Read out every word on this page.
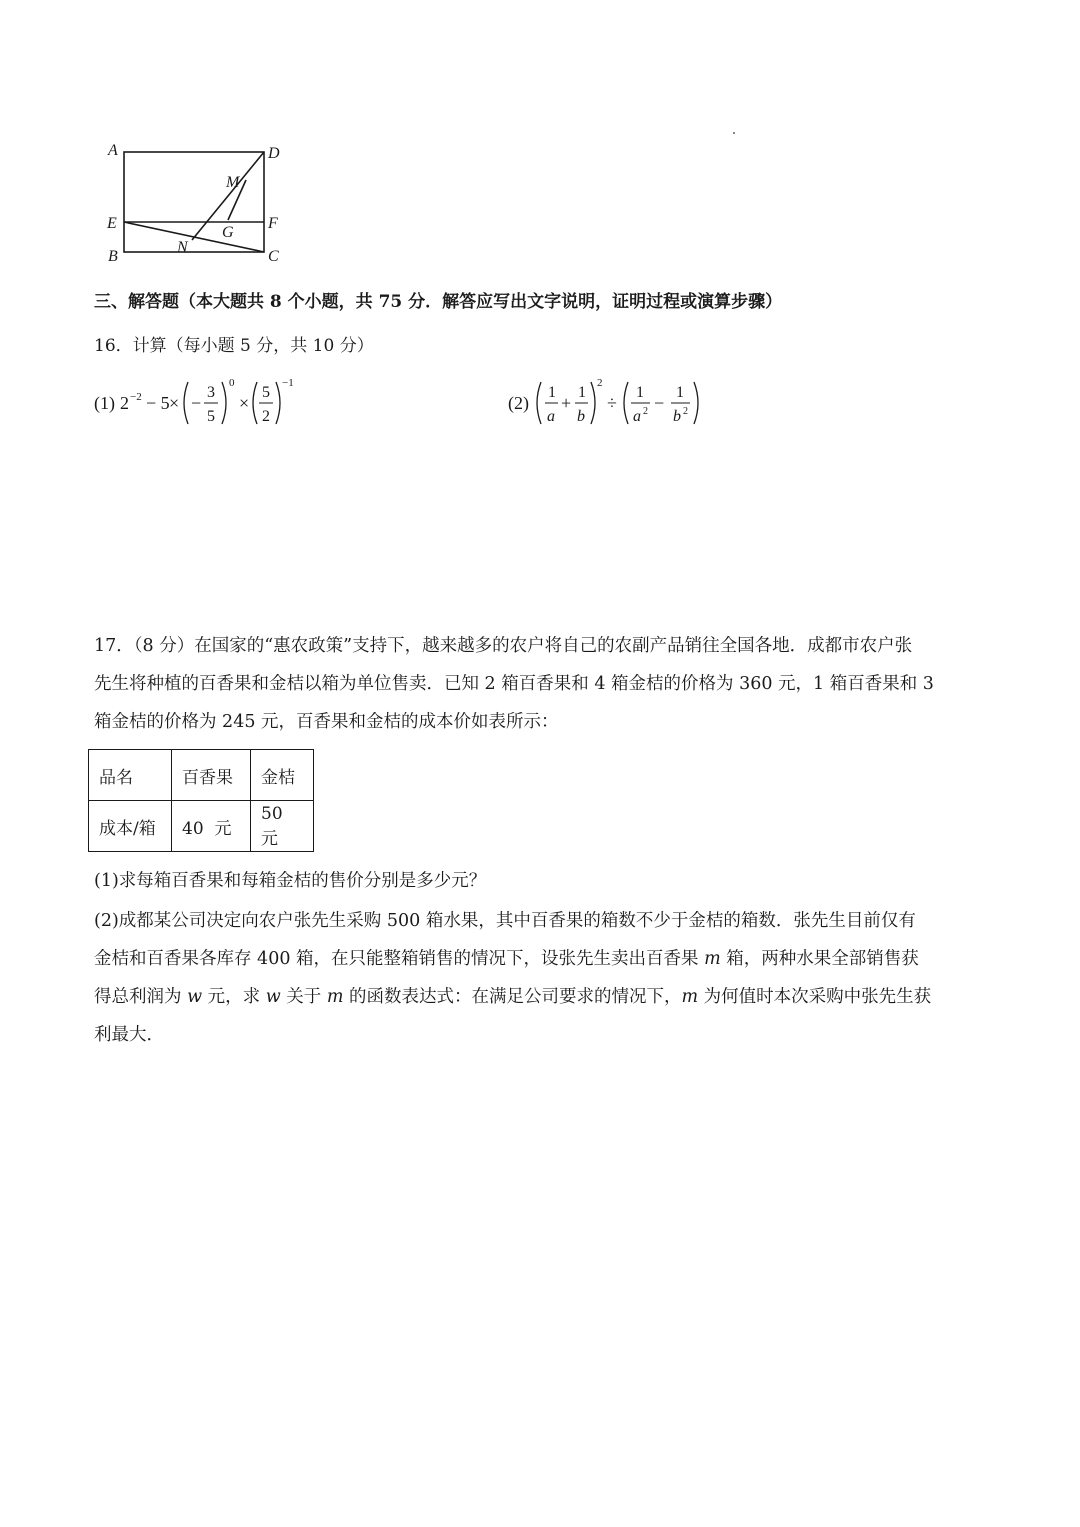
A	D
M
E	F
G
B
N
C
三、解答题（本大题共 8 个小题，共 75 分．解答应写出文字说明，证明过程或演算步骤）
16．计算（每小题 5 分，共 10 分）
(1) 2 −2 − 5 × −
3
5
0
×
5
2
−1
(2)
1
a
+
1
b
2
÷
1
a 2 −
1
b 2
17．（8 分）在国家的“惠农政策”支持下，越来越多的农户将自己的农副产品销往全国各地．成都市农户张
先生将种植的百香果和金桔以箱为单位售卖．已知 2 箱百香果和 4 箱金桔的价格为 360 元，1 箱百香果和 3
箱金桔的价格为 245 元，百香果和金桔的成本价如表所示：
品名	百香果	金桔
成本/箱	40  元	50 元
(1)求每箱百香果和每箱金桔的售价分别是多少元？
(2)成都某公司决定向农户张先生采购 500 箱水果，其中百香果的箱数不少于金桔的箱数．张先生目前仅有
金桔和百香果各库存 400 箱，在只能整箱销售的情况下，设张先生卖出百香果 m 箱，两种水果全部销售获
得总利润为 w 元，求 w 关于 m 的函数表达式：在满足公司要求的情况下，m 为何值时本次采购中张先生获
利最大．
